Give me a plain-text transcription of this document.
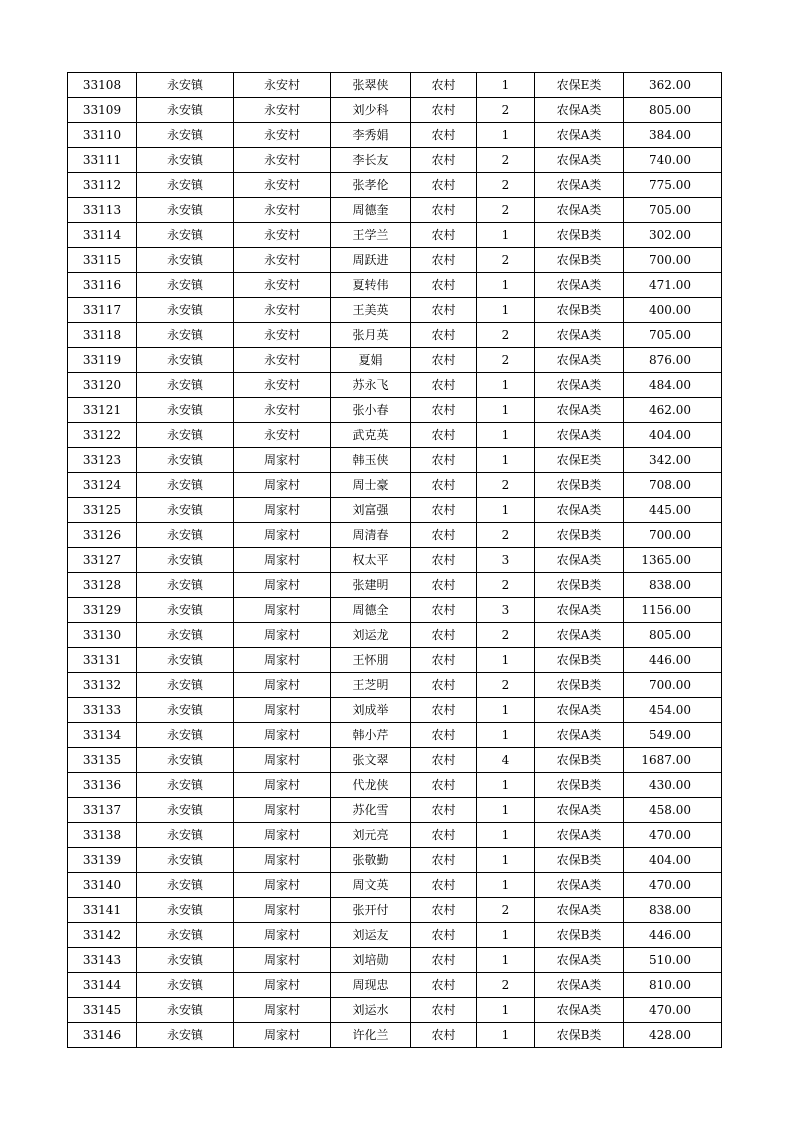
33108	永安镇	永安村	张翠侠	农村	1	农保E类	362.00
33109	永安镇	永安村	刘少科	农村	2	农保A类	805.00
33110	永安镇	永安村	李秀娟	农村	1	农保A类	384.00
33111	永安镇	永安村	李长友	农村	2	农保A类	740.00
33112	永安镇	永安村	张孝伦	农村	2	农保A类	775.00
33113	永安镇	永安村	周德奎	农村	2	农保A类	705.00
33114	永安镇	永安村	王学兰	农村	1	农保B类	302.00
33115	永安镇	永安村	周跃进	农村	2	农保B类	700.00
33116	永安镇	永安村	夏转伟	农村	1	农保A类	471.00
33117	永安镇	永安村	王美英	农村	1	农保B类	400.00
33118	永安镇	永安村	张月英	农村	2	农保A类	705.00
33119	永安镇	永安村	夏娟	农村	2	农保A类	876.00
33120	永安镇	永安村	苏永飞	农村	1	农保A类	484.00
33121	永安镇	永安村	张小春	农村	1	农保A类	462.00
33122	永安镇	永安村	武克英	农村	1	农保A类	404.00
33123	永安镇	周家村	韩玉侠	农村	1	农保E类	342.00
33124	永安镇	周家村	周士豪	农村	2	农保B类	708.00
33125	永安镇	周家村	刘富强	农村	1	农保A类	445.00
33126	永安镇	周家村	周清春	农村	2	农保B类	700.00
33127	永安镇	周家村	权太平	农村	3	农保A类	1365.00
33128	永安镇	周家村	张建明	农村	2	农保B类	838.00
33129	永安镇	周家村	周德全	农村	3	农保A类	1156.00
33130	永安镇	周家村	刘运龙	农村	2	农保A类	805.00
33131	永安镇	周家村	王怀朋	农村	1	农保B类	446.00
33132	永安镇	周家村	王芝明	农村	2	农保B类	700.00
33133	永安镇	周家村	刘成举	农村	1	农保A类	454.00
33134	永安镇	周家村	韩小芹	农村	1	农保A类	549.00
33135	永安镇	周家村	张文翠	农村	4	农保B类	1687.00
33136	永安镇	周家村	代龙侠	农村	1	农保B类	430.00
33137	永安镇	周家村	苏化雪	农村	1	农保A类	458.00
33138	永安镇	周家村	刘元亮	农村	1	农保A类	470.00
33139	永安镇	周家村	张敬勤	农村	1	农保B类	404.00
33140	永安镇	周家村	周文英	农村	1	农保A类	470.00
33141	永安镇	周家村	张开付	农村	2	农保A类	838.00
33142	永安镇	周家村	刘运友	农村	1	农保B类	446.00
33143	永安镇	周家村	刘培勋	农村	1	农保A类	510.00
33144	永安镇	周家村	周现忠	农村	2	农保A类	810.00
33145	永安镇	周家村	刘运水	农村	1	农保A类	470.00
33146	永安镇	周家村	许化兰	农村	1	农保B类	428.00
